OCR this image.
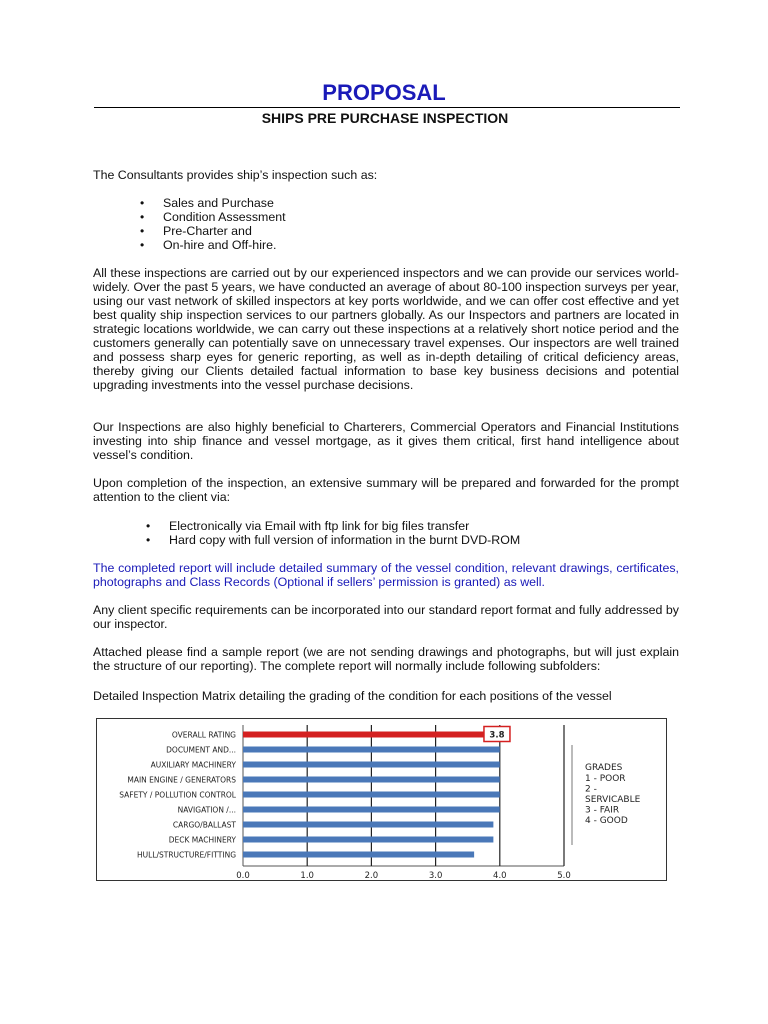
PROPOSAL
SHIPS PRE PURCHASE INSPECTION
The Consultants provides ship’s inspection such as:
• Sales and Purchase
• Condition Assessment
• Pre-Charter and
• On-hire and Off-hire.
All these inspections are carried out by our experienced inspectors and we can provide our services world-widely. Over the past 5 years, we have conducted an average of about 80-100 inspection surveys per year, using our vast network of skilled inspectors at key ports worldwide, and we can offer cost effective and yet best quality ship inspection services to our partners globally. As our Inspectors and partners are located in strategic locations worldwide, we can carry out these inspections at a relatively short notice period and the customers generally can potentially save on unnecessary travel expenses. Our inspectors are well trained and possess sharp eyes for generic reporting, as well as in-depth detailing of critical deficiency areas, thereby giving our Clients detailed factual information to base key business decisions and potential upgrading investments into the vessel purchase decisions.
Our Inspections are also highly beneficial to Charterers, Commercial Operators and Financial Institutions investing into ship finance and vessel mortgage, as it gives them critical, first hand intelligence about vessel’s condition.
Upon completion of the inspection, an extensive summary will be prepared and forwarded for the prompt attention to the client via:
• Electronically via Email with ftp link for big files transfer
• Hard copy with full version of information in the burnt DVD-ROM
The completed report will include detailed summary of the vessel condition, relevant drawings, certificates, photographs and Class Records (Optional if sellers’ permission is granted) as well.
Any client specific requirements can be incorporated into our standard report format and fully addressed by our inspector.
Attached please find a sample report (we are not sending drawings and photographs, but will just explain the structure of our reporting). The complete report will normally include following subfolders:
Detailed Inspection Matrix detailing the grading of the condition for each positions of the vessel
0.0	1.0	2.0	3.0	4.0	5.0
OVERALL RATING
DOCUMENT AND...
AUXILIARY MACHINERY
MAIN ENGINE / GENERATORS
SAFETY / POLLUTION CONTROL
NAVIGATION /...
CARGO/BALLAST
DECK MACHINERY
HULL/STRUCTURE/FITTING
3.8
GRADES
1 - POOR
2 -
SERVICABLE
3 - FAIR
4 - GOOD
